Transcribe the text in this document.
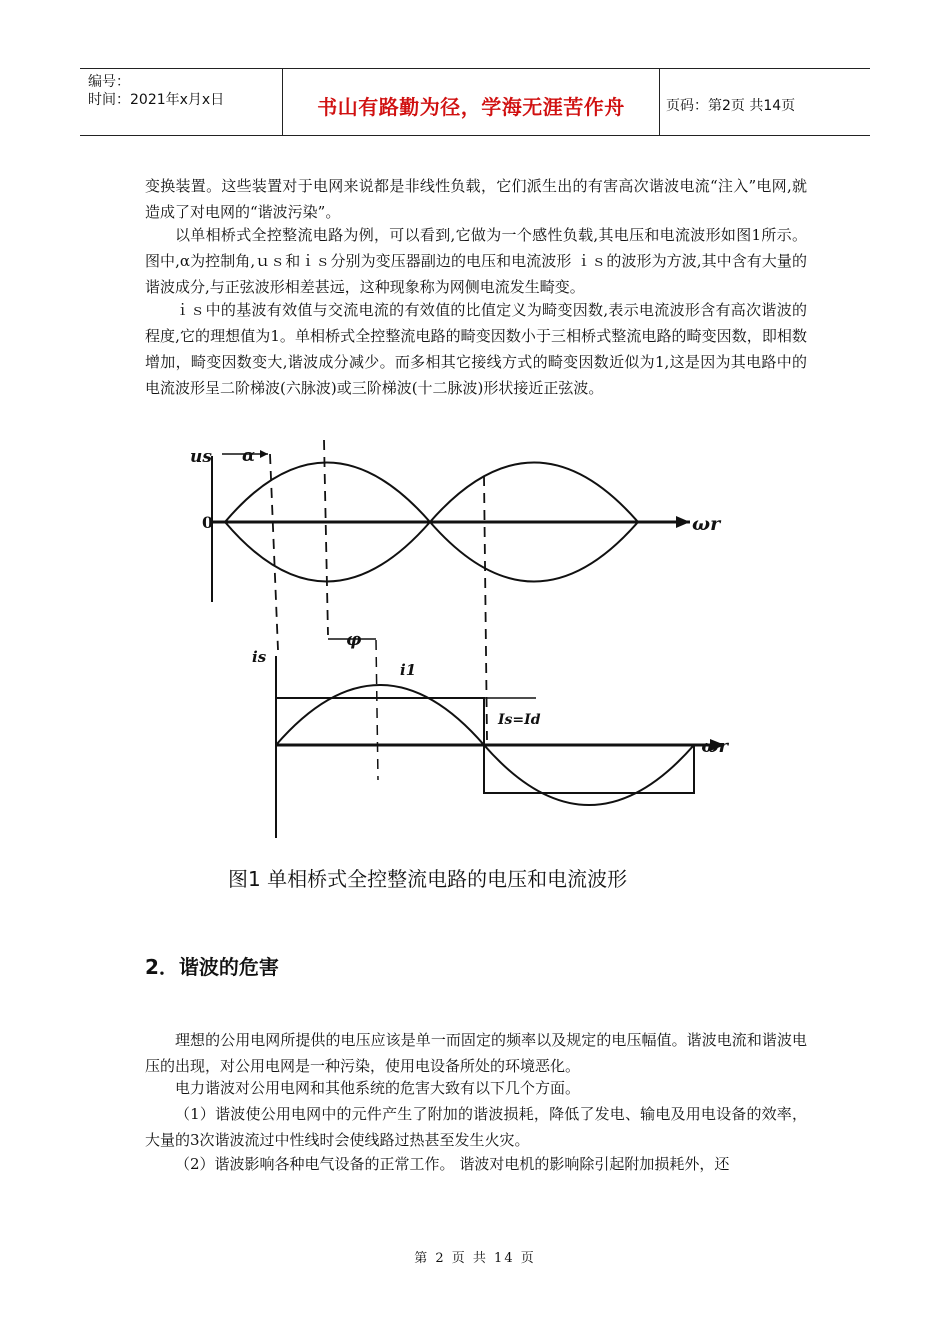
编号：
时间：2021年x月x日	书山有路勤为径，学海无涯苦作舟	页码：第2页 共14页

变换装置。这些装置对于电网来说都是非线性负载，它们派生出的有害高次谐波电流“注入”电网,就造成了对电网的“谐波污染”。

以单相桥式全控整流电路为例，可以看到,它做为一个感性负载,其电压和电流波形如图1所示。图中,α为控制角,ｕｓ和ｉｓ分别为变压器副边的电压和电流波形 ｉｓ的波形为方波,其中含有大量的谐波成分,与正弦波形相差甚远，这种现象称为网侧电流发生畸变。

ｉｓ中的基波有效值与交流电流的有效值的比值定义为畸变因数,表示电流波形含有高次谐波的程度,它的理想值为1。单相桥式全控整流电路的畸变因数小于三相桥式整流电路的畸变因数，即相数增加，畸变因数变大,谐波成分减少。而多相其它接线方式的畸变因数近似为1,这是因为其电路中的电流波形呈二阶梯波(六脉波)或三阶梯波(十二脉波)形状接近正弦波。

us α
0	ωr
φ
is
i1
Is=Id
ωr
图1 单相桥式全控整流电路的电压和电流波形
2．谐波的危害

理想的公用电网所提供的电压应该是单一而固定的频率以及规定的电压幅值。谐波电流和谐波电压的出现，对公用电网是一种污染，使用电设备所处的环境恶化。

电力谐波对公用电网和其他系统的危害大致有以下几个方面。

（1）谐波使公用电网中的元件产生了附加的谐波损耗，降低了发电、输电及用电设备的效率，大量的3次谐波流过中性线时会使线路过热甚至发生火灾。

（2）谐波影响各种电气设备的正常工作。 谐波对电机的影响除引起附加损耗外，还

第 2 页 共 14 页
